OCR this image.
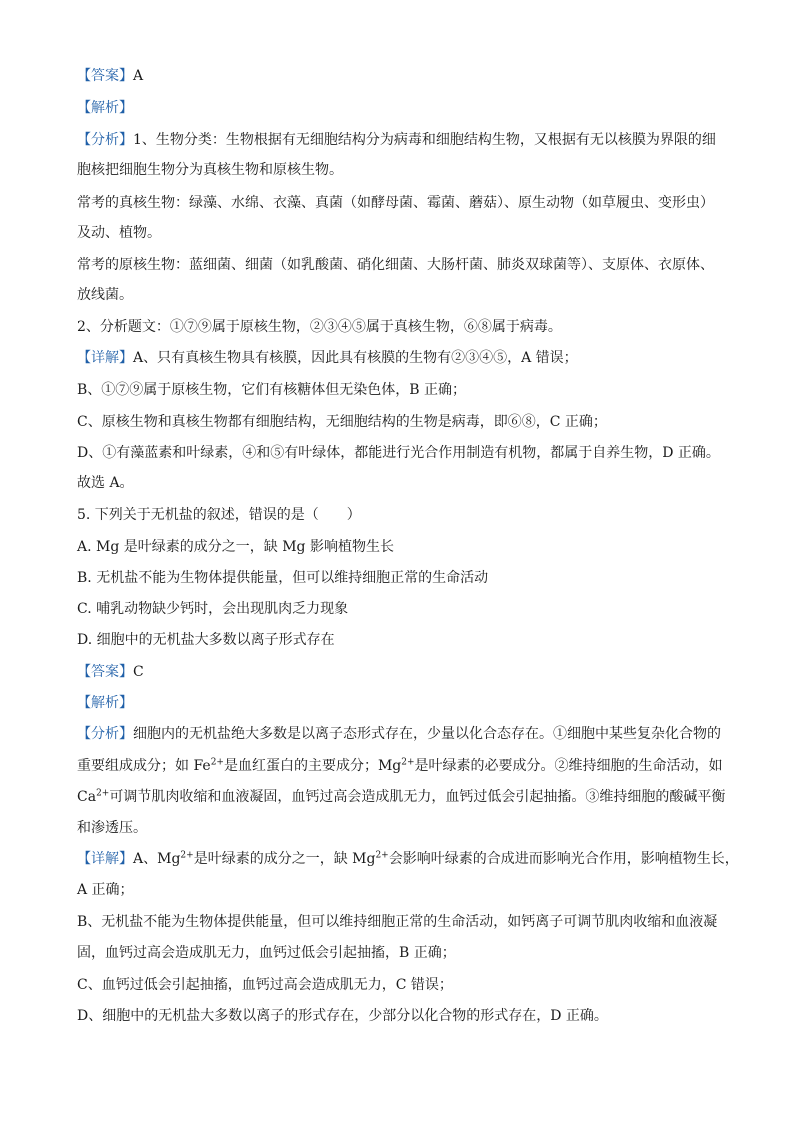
【答案】A
【解析】
【分析】1、生物分类：生物根据有无细胞结构分为病毒和细胞结构生物，又根据有无以核膜为界限的细
胞核把细胞生物分为真核生物和原核生物。
常考的真核生物：绿藻、水绵、衣藻、真菌（如酵母菌、霉菌、蘑菇）、原生动物（如草履虫、变形虫）
及动、植物。
常考的原核生物：蓝细菌、细菌（如乳酸菌、硝化细菌、大肠杆菌、肺炎双球菌等）、支原体、衣原体、
放线菌。
2、分析题文：①⑦⑨属于原核生物，②③④⑤属于真核生物，⑥⑧属于病毒。
【详解】A、只有真核生物具有核膜，因此具有核膜的生物有②③④⑤，A 错误；
B、①⑦⑨属于原核生物，它们有核糖体但无染色体，B 正确；
C、原核生物和真核生物都有细胞结构，无细胞结构的生物是病毒，即⑥⑧，C 正确；
D、①有藻蓝素和叶绿素，④和⑤有叶绿体，都能进行光合作用制造有机物，都属于自养生物，D 正确。
故选 A。
5. 下列关于无机盐的叙述，错误的是（　　）
A. Mg 是叶绿素的成分之一，缺 Mg 影响植物生长
B. 无机盐不能为生物体提供能量，但可以维持细胞正常的生命活动
C. 哺乳动物缺少钙时，会出现肌肉乏力现象
D. 细胞中的无机盐大多数以离子形式存在
【答案】C
【解析】
【分析】细胞内的无机盐绝大多数是以离子态形式存在，少量以化合态存在。①细胞中某些复杂化合物的
重要组成成分；如 $Fe^{2+}$是血红蛋白的主要成分；$Mg^{2+}$是叶绿素的必要成分。②维持细胞的生命活动，如
$Ca^{2+}$可调节肌肉收缩和血液凝固，血钙过高会造成肌无力，血钙过低会引起抽搐。③维持细胞的酸碱平衡
和渗透压。
【详解】A、$Mg^{2+}$是叶绿素的成分之一，缺 $Mg^{2+}$会影响叶绿素的合成进而影响光合作用，影响植物生长，
A 正确；
B、无机盐不能为生物体提供能量，但可以维持细胞正常的生命活动，如钙离子可调节肌肉收缩和血液凝
固，血钙过高会造成肌无力，血钙过低会引起抽搐，B 正确；
C、血钙过低会引起抽搐，血钙过高会造成肌无力，C 错误；
D、细胞中的无机盐大多数以离子的形式存在，少部分以化合物的形式存在，D 正确。
